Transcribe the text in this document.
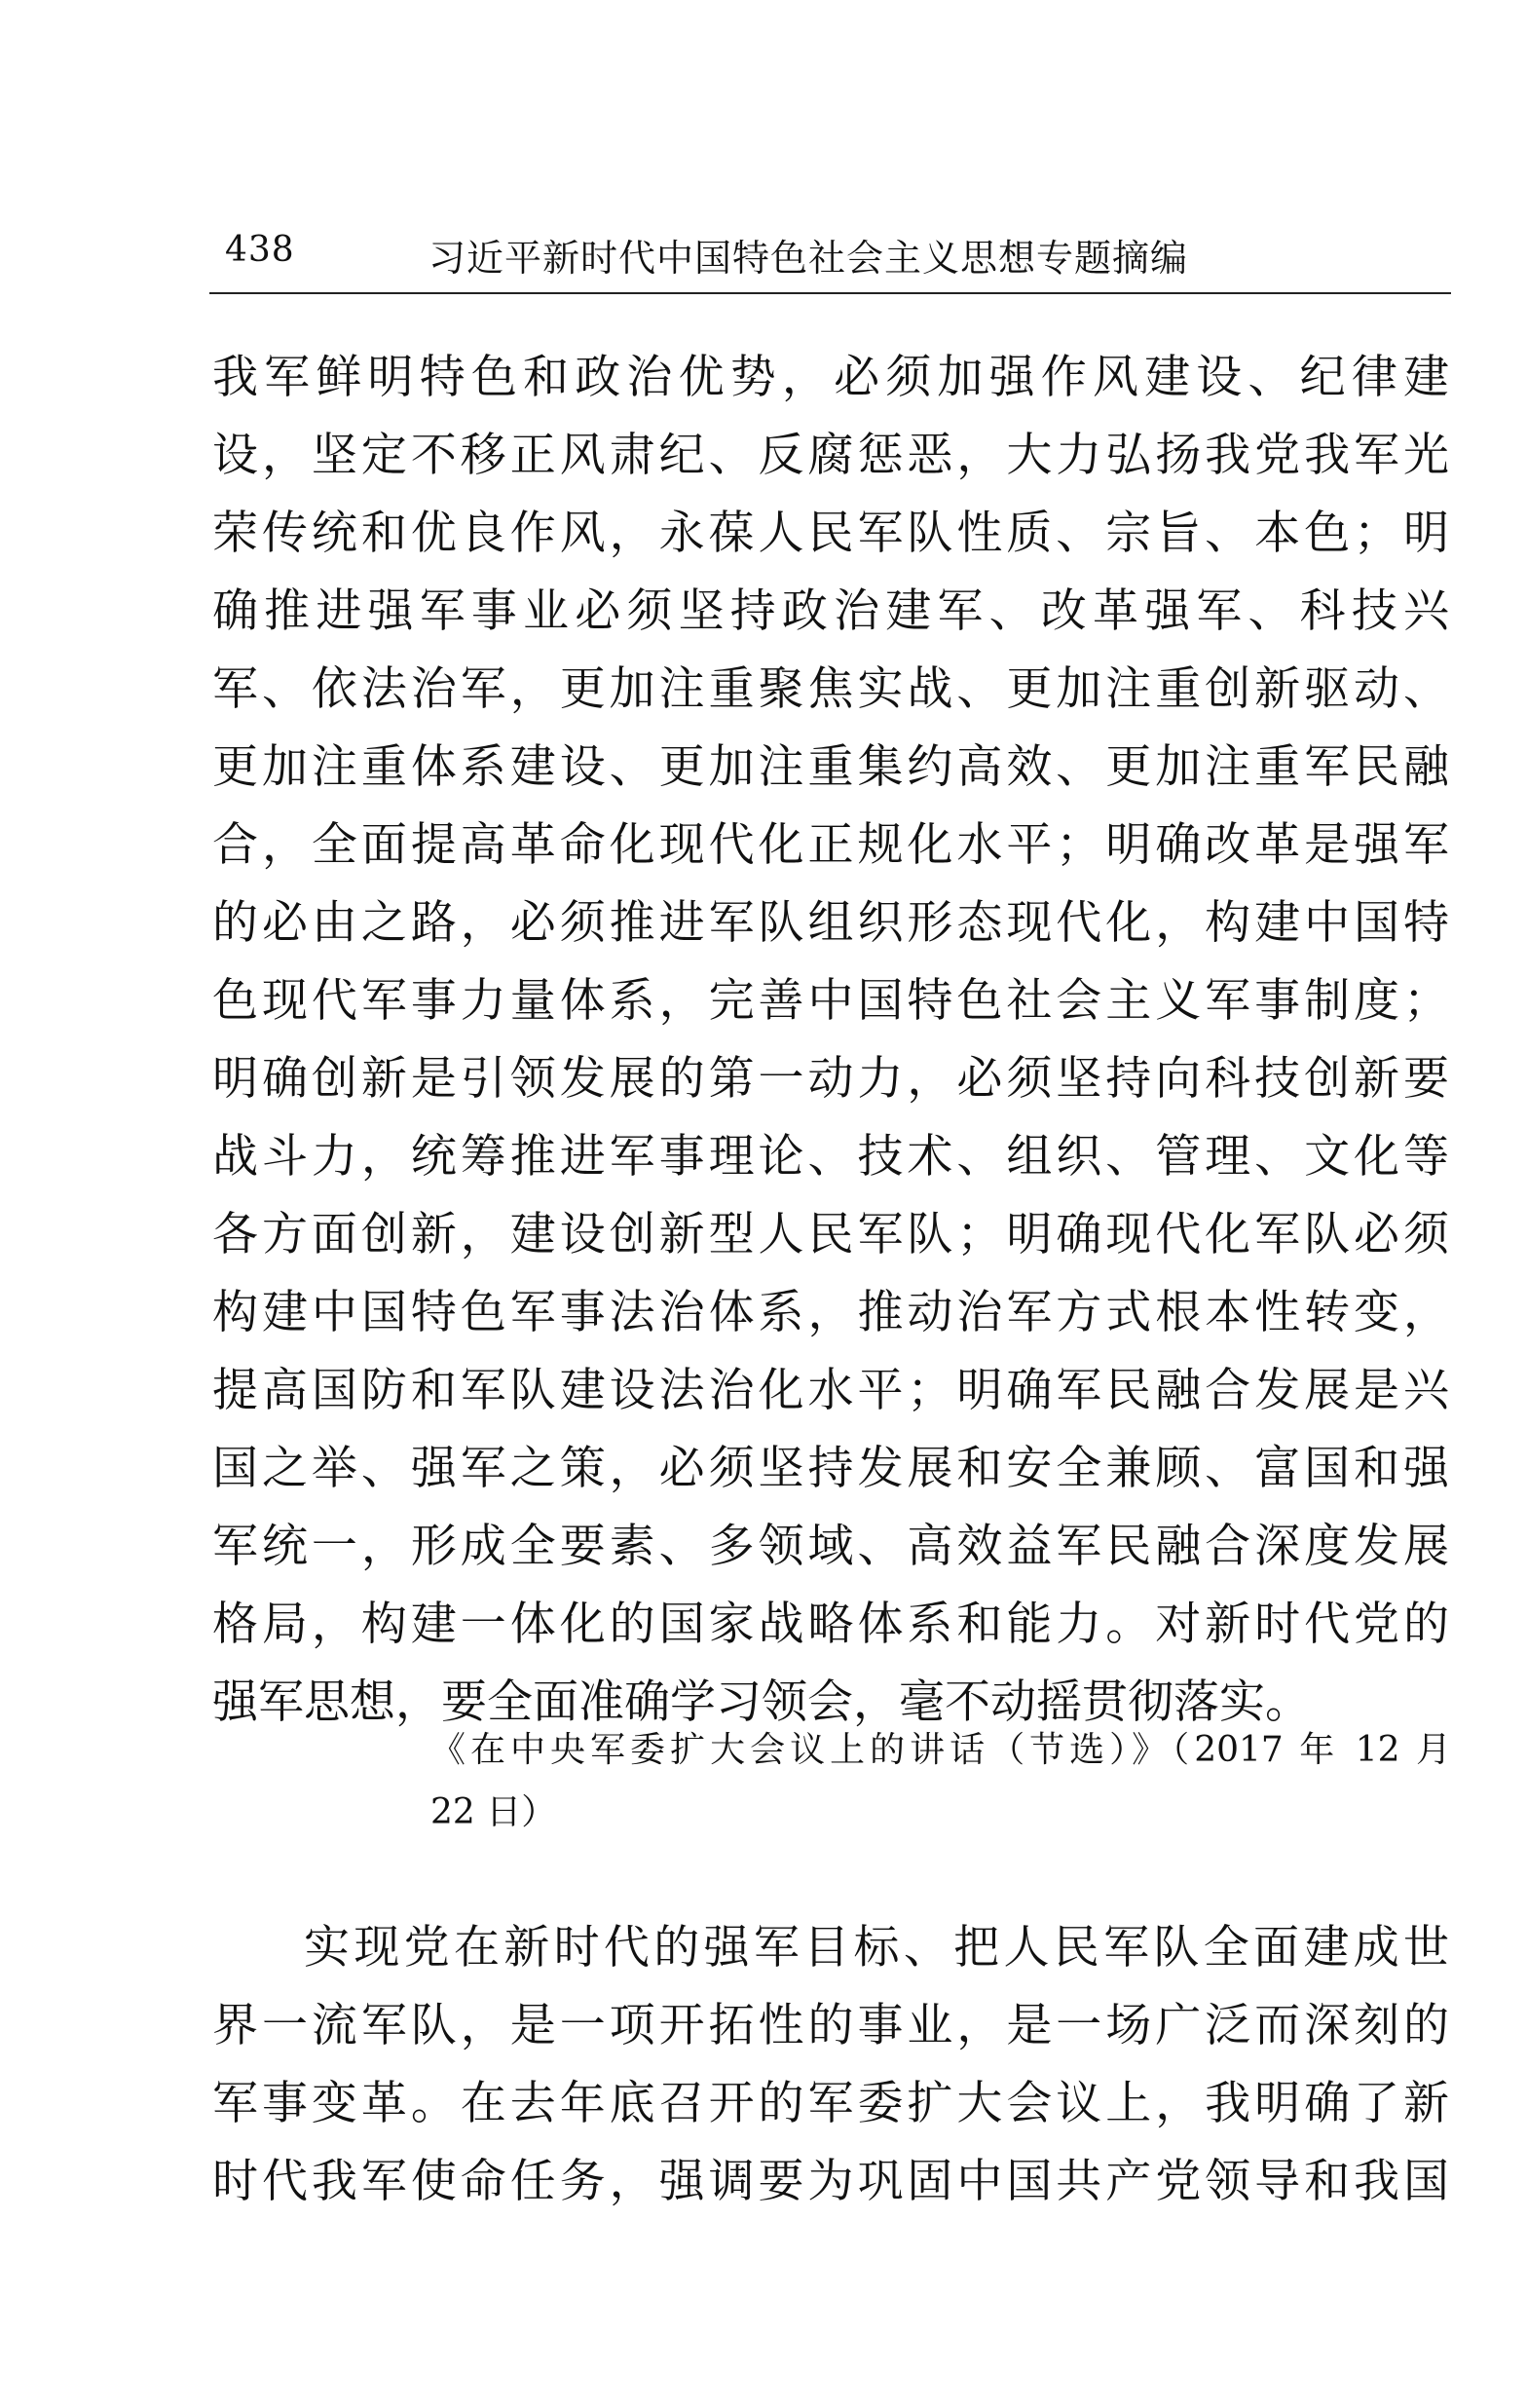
438	习近平新时代中国特色社会主义思想专题摘编
我军鲜明特色和政治优势，必须加强作风建设、纪律建
设，坚定不移正风肃纪、反腐惩恶，大力弘扬我党我军光
荣传统和优良作风，永葆人民军队性质、宗旨、本色；明
确推进强军事业必须坚持政治建军、改革强军、科技兴
军、依法治军，更加注重聚焦实战、更加注重创新驱动、
更加注重体系建设、更加注重集约高效、更加注重军民融
合，全面提高革命化现代化正规化水平；明确改革是强军
的必由之路，必须推进军队组织形态现代化，构建中国特
色现代军事力量体系，完善中国特色社会主义军事制度；
明确创新是引领发展的第一动力，必须坚持向科技创新要
战斗力，统筹推进军事理论、技术、组织、管理、文化等
各方面创新，建设创新型人民军队；明确现代化军队必须
构建中国特色军事法治体系，推动治军方式根本性转变，
提高国防和军队建设法治化水平；明确军民融合发展是兴
国之举、强军之策，必须坚持发展和安全兼顾、富国和强
军统一，形成全要素、多领域、高效益军民融合深度发展
格局，构建一体化的国家战略体系和能力。对新时代党的
强军思想，要全面准确学习领会，毫不动摇贯彻落实。
《在中央军委扩大会议上的讲话（节选）》（2017 年 12 月
22 日）
实现党在新时代的强军目标、把人民军队全面建成世
界一流军队，是一项开拓性的事业，是一场广泛而深刻的
军事变革。在去年底召开的军委扩大会议上，我明确了新
时代我军使命任务，强调要为巩固中国共产党领导和我国
